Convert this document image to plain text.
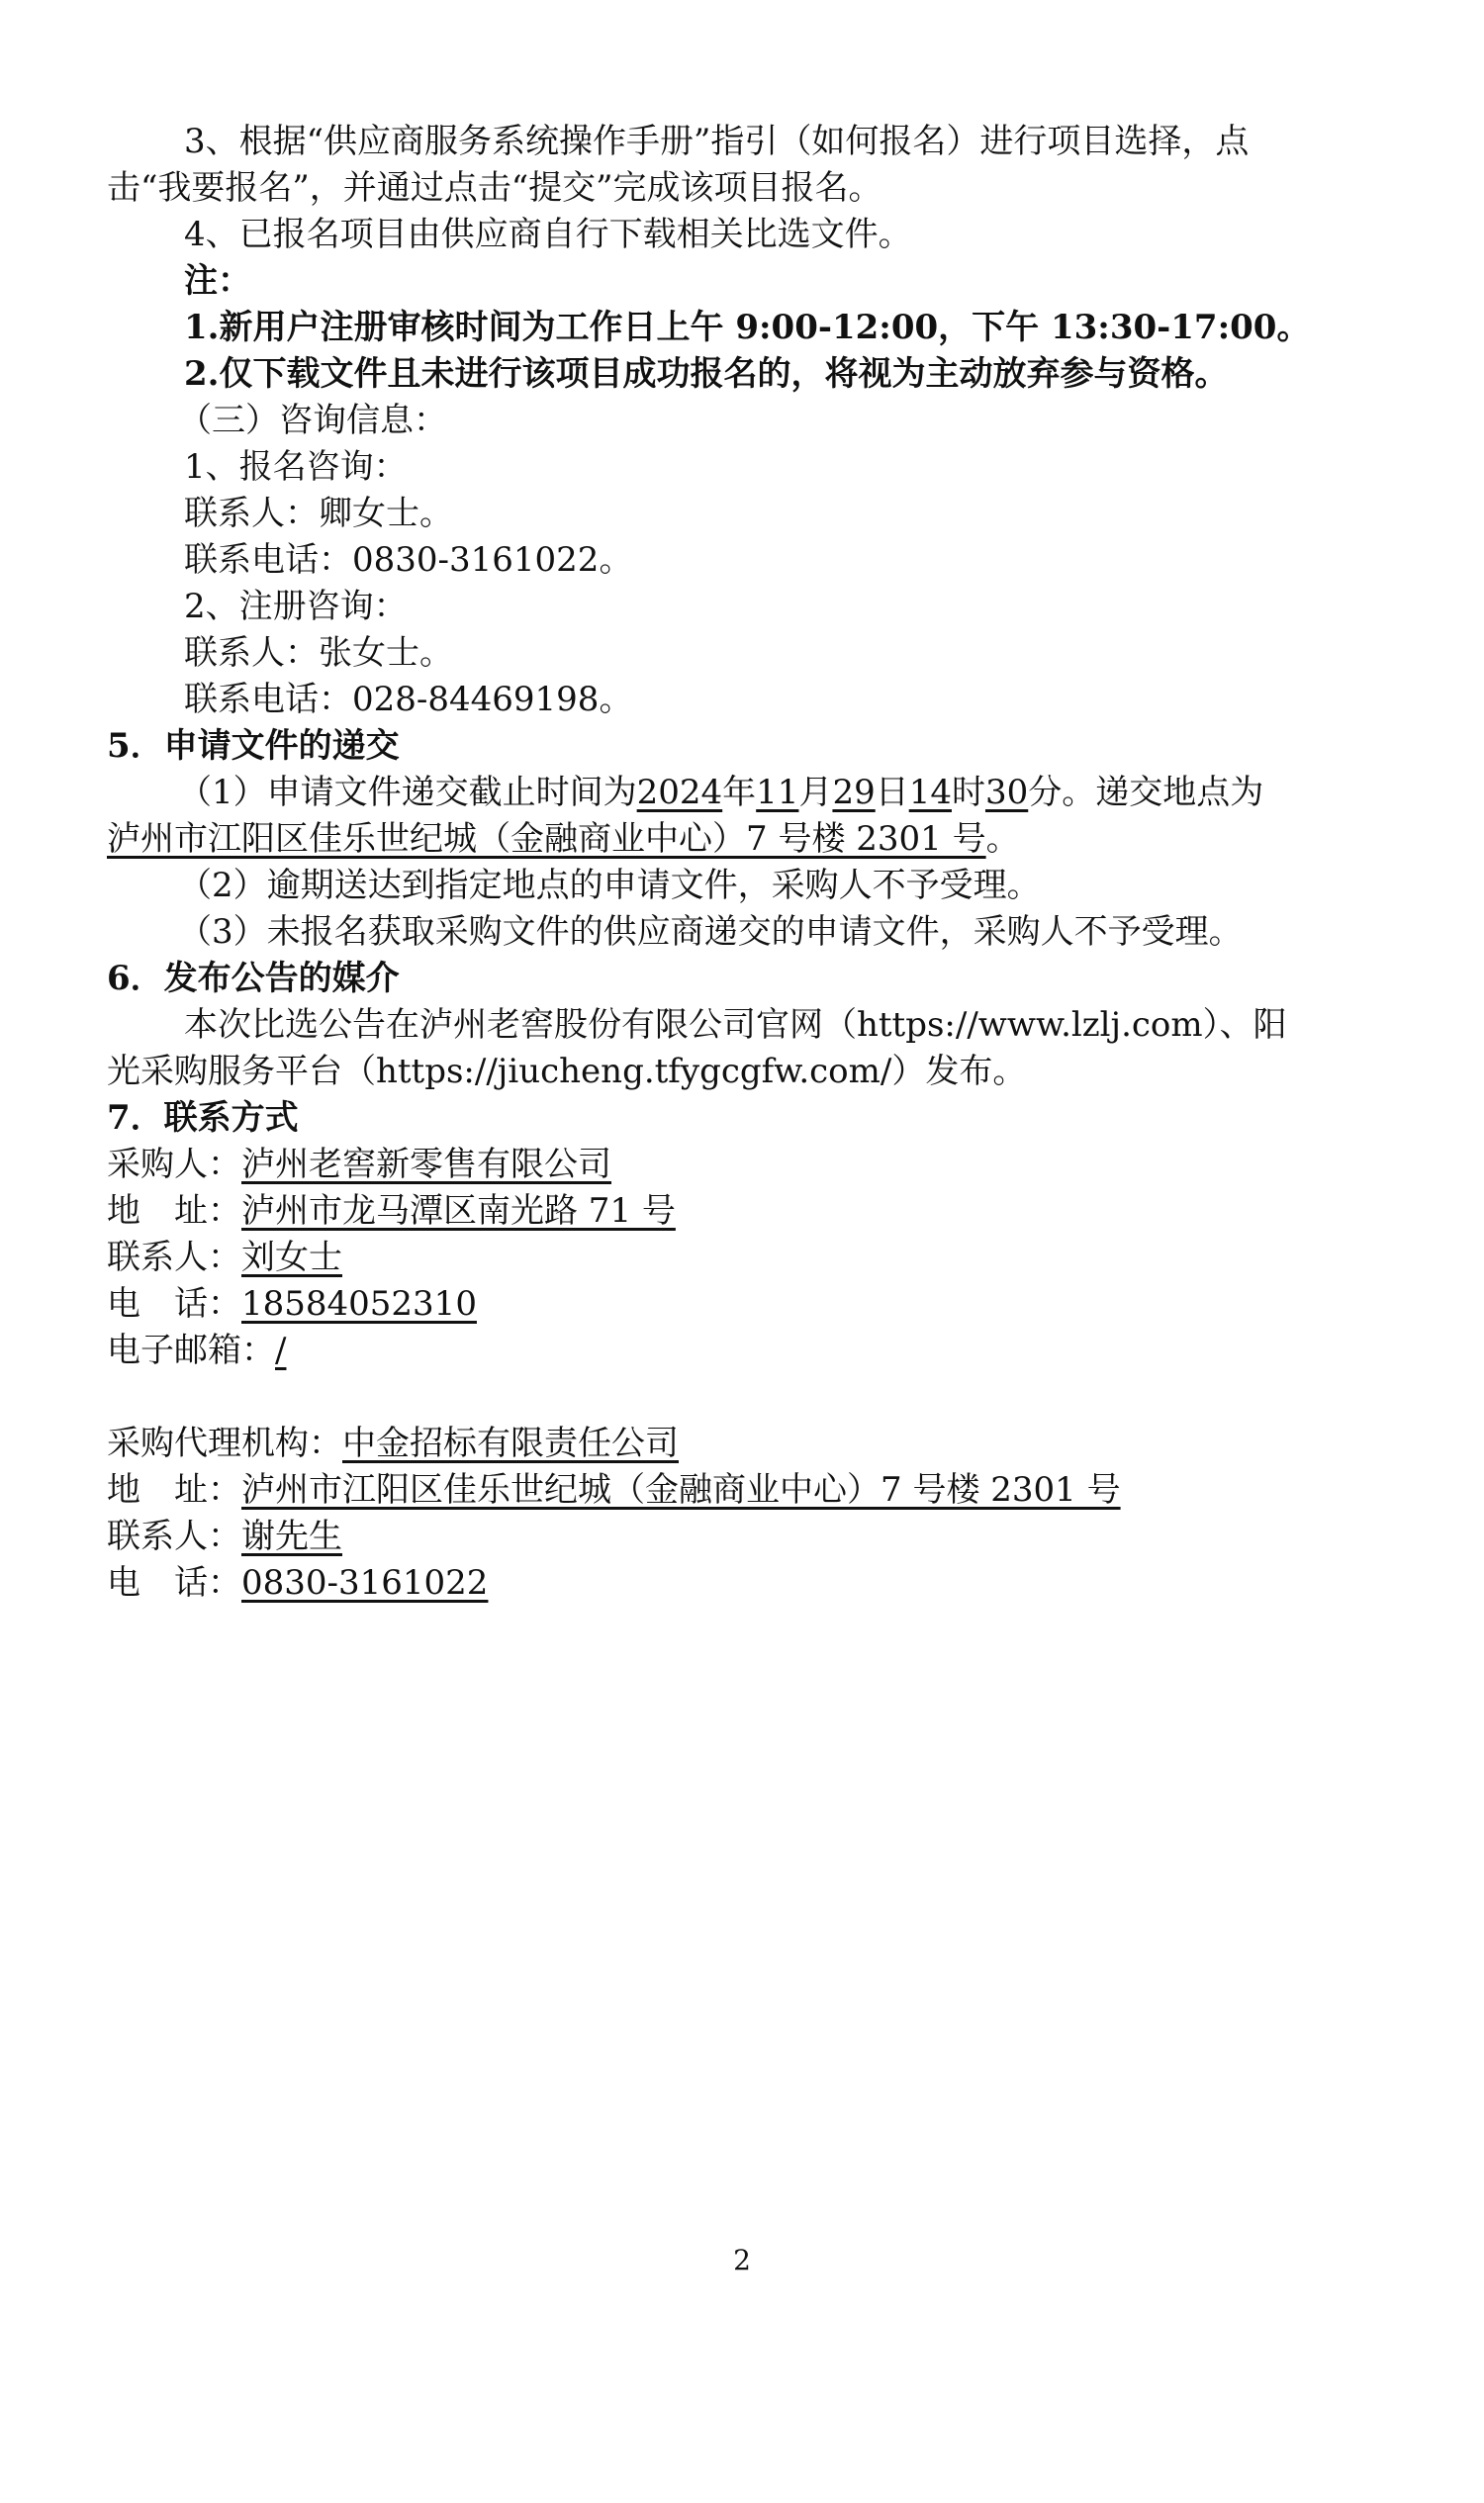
3、根据“供应商服务系统操作手册”指引（如何报名）进行项目选择，点
击“我要报名”，并通过点击“提交”完成该项目报名。
4、已报名项目由供应商自行下载相关比选文件。
注：
1.新用户注册审核时间为工作日上午 9:00-12:00，下午 13:30-17:00。
2.仅下载文件且未进行该项目成功报名的，将视为主动放弃参与资格。
（三）咨询信息：
1、报名咨询：
联系人：卿女士。
联系电话：0830-3161022。
2、注册咨询：
联系人：张女士。
联系电话：028-84469198。
5．申请文件的递交
（1）申请文件递交截止时间为2024年11月29日14时30分。递交地点为
泸州市江阳区佳乐世纪城（金融商业中心）7 号楼 2301 号。
（2）逾期送达到指定地点的申请文件，采购人不予受理。
（3）未报名获取采购文件的供应商递交的申请文件，采购人不予受理。
6．发布公告的媒介
本次比选公告在泸州老窖股份有限公司官网（https://www.lzlj.com）、阳
光采购服务平台（https://jiucheng.tfygcgfw.com/）发布。
7．联系方式
采购人：泸州老窖新零售有限公司
地　址：泸州市龙马潭区南光路 71 号
联系人：刘女士
电　话：18584052310
电子邮箱：/
采购代理机构：中金招标有限责任公司
地　址：泸州市江阳区佳乐世纪城（金融商业中心）7 号楼 2301 号
联系人：谢先生
电　话：0830-3161022
2
